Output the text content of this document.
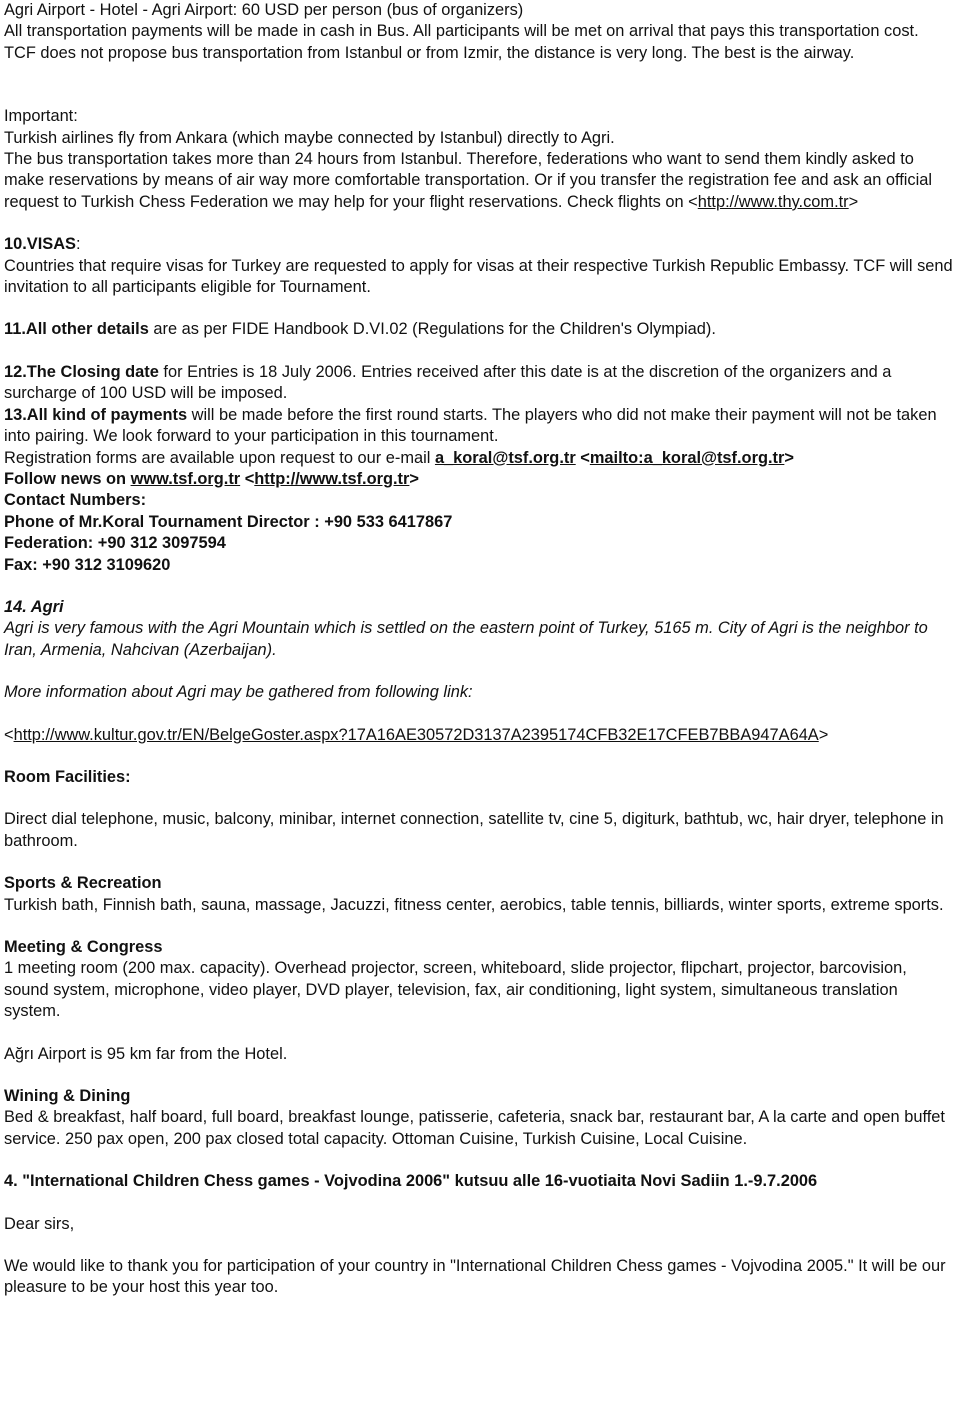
Agri Airport - Hotel - Agri Airport: 60 USD per person (bus of organizers)

All transportation payments will be made in cash in Bus. All participants will be met on arrival that pays this transportation cost.

TCF does not propose bus transportation from Istanbul or from Izmir, the distance is very long. The best is the airway.

Important:

Turkish airlines fly from Ankara (which maybe connected by Istanbul) directly to Agri.

The bus transportation takes more than 24 hours from Istanbul. Therefore, federations who want to send them kindly asked to make reservations by means of air way more comfortable transportation. Or if you transfer the registration fee and ask an official request to Turkish Chess Federation we may help for your flight reservations. Check flights on <http://www.thy.com.tr>

10.VISAS:

Countries that require visas for Turkey are requested to apply for visas at their respective Turkish Republic Embassy. TCF will send invitation to all participants eligible for Tournament.

11.All other details are as per FIDE Handbook D.VI.02 (Regulations for the Children's Olympiad).

12.The Closing date for Entries is 18 July 2006. Entries received after this date is at the discretion of the organizers and a surcharge of 100 USD will be imposed.

13.All kind of payments will be made before the first round starts. The players who did not make their payment will not be taken into pairing. We look forward to your participation in this tournament.

Registration forms are available upon request to our e-mail a_koral@tsf.org.tr <mailto:a_koral@tsf.org.tr>

Follow news on www.tsf.org.tr <http://www.tsf.org.tr>

Contact Numbers:

Phone of Mr.Koral Tournament Director : +90 533 6417867

Federation: +90 312 3097594

Fax: +90 312 3109620

14. Agri

Agri is very famous with the Agri Mountain which is settled on the eastern point of Turkey, 5165 m. City of Agri is the neighbor to Iran, Armenia, Nahcivan (Azerbaijan).

More information about Agri may be gathered from following link:

<http://www.kultur.gov.tr/EN/BelgeGoster.aspx?17A16AE30572D3137A2395174CFB32E17CFEB7BBA947A64A>

Room Facilities:

Direct dial telephone, music, balcony, minibar, internet connection, satellite tv, cine 5, digiturk, bathtub, wc, hair dryer, telephone in bathroom.

Sports & Recreation

Turkish bath, Finnish bath, sauna, massage, Jacuzzi, fitness center, aerobics, table tennis, billiards, winter sports, extreme sports.

Meeting & Congress

1 meeting room (200 max. capacity). Overhead projector, screen, whiteboard, slide projector, flipchart, projector, barcovision, sound system, microphone, video player, DVD player, television, fax, air conditioning, light system, simultaneous translation system.

Ağrı Airport is 95 km far from the Hotel.

Wining & Dining

Bed & breakfast, half board, full board, breakfast lounge, patisserie, cafeteria, snack bar, restaurant bar, A la carte and open buffet service. 250 pax open, 200 pax closed total capacity. Ottoman Cuisine, Turkish Cuisine, Local Cuisine.

4. "International Children Chess games - Vojvodina 2006" kutsuu alle 16-vuotiaita Novi Sadiin 1.-9.7.2006

Dear sirs,

We would like to thank you for participation of your country in "International Children Chess games - Vojvodina 2005." It will be our pleasure to be your host this year too.
